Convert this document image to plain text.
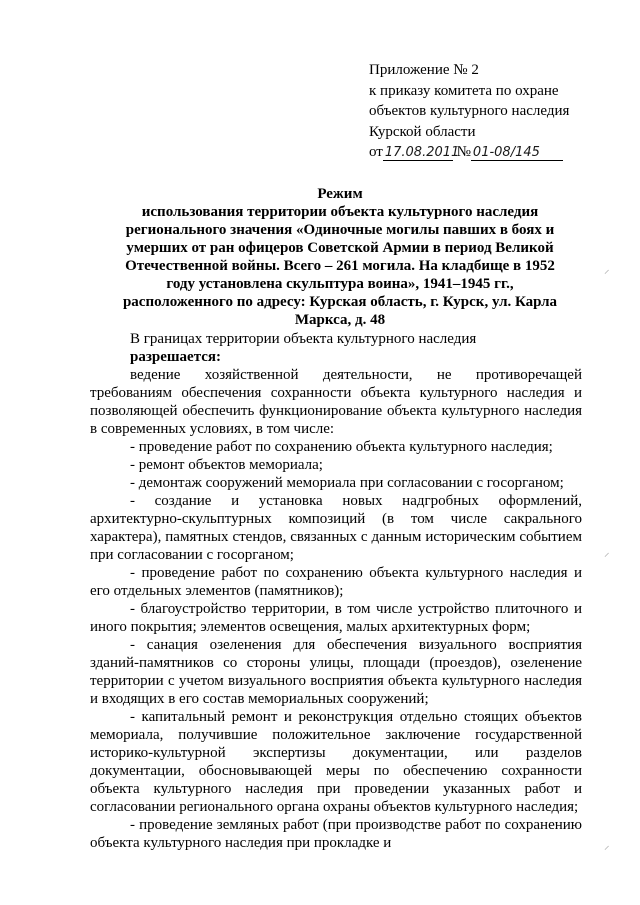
Приложение № 2
к приказу комитета по охране
объектов культурного наследия
Курской области
от 17.08.2011 № 01-08/145
Режим
использования территории объекта культурного наследия регионального значения «Одиночные могилы павших в боях и умерших от ран офицеров Советской Армии в период Великой Отечественной войны. Всего – 261 могила. На кладбище в 1952 году установлена скульптура воина», 1941–1945 гг., расположенного по адресу: Курская область, г. Курск, ул. Карла Маркса, д. 48

В границах территории объекта культурного наследия

разрешается:

ведение хозяйственной деятельности, не противоречащей требованиям обеспечения сохранности объекта культурного наследия и позволяющей обеспечить функционирование объекта культурного наследия в современных условиях, в том числе:

- проведение работ по сохранению объекта культурного наследия;

- ремонт объектов мемориала;

- демонтаж сооружений мемориала при согласовании с госорганом;

- создание и установка новых надгробных оформлений, архитектурно-скульптурных композиций (в том числе сакрального характера), памятных стендов, связанных с данным историческим событием при согласовании с госорганом;

- проведение работ по сохранению объекта культурного наследия и его отдельных элементов (памятников);

- благоустройство территории, в том числе устройство плиточного и иного покрытия; элементов освещения, малых архитектурных форм;

- санация озеленения для обеспечения визуального восприятия зданий-памятников со стороны улицы, площади (проездов), озеленение территории с учетом визуального восприятия объекта культурного наследия и входящих в его состав мемориальных сооружений;

- капитальный ремонт и реконструкция отдельно стоящих объектов мемориала, получившие положительное заключение государственной историко-культурной экспертизы документации, или разделов документации, обосновывающей меры по обеспечению сохранности объекта культурного наследия при проведении указанных работ и согласовании регионального органа охраны объектов культурного наследия;

- проведение земляных работ (при производстве работ по сохранению объекта культурного наследия при прокладке и

⸝
⸝
⸝
